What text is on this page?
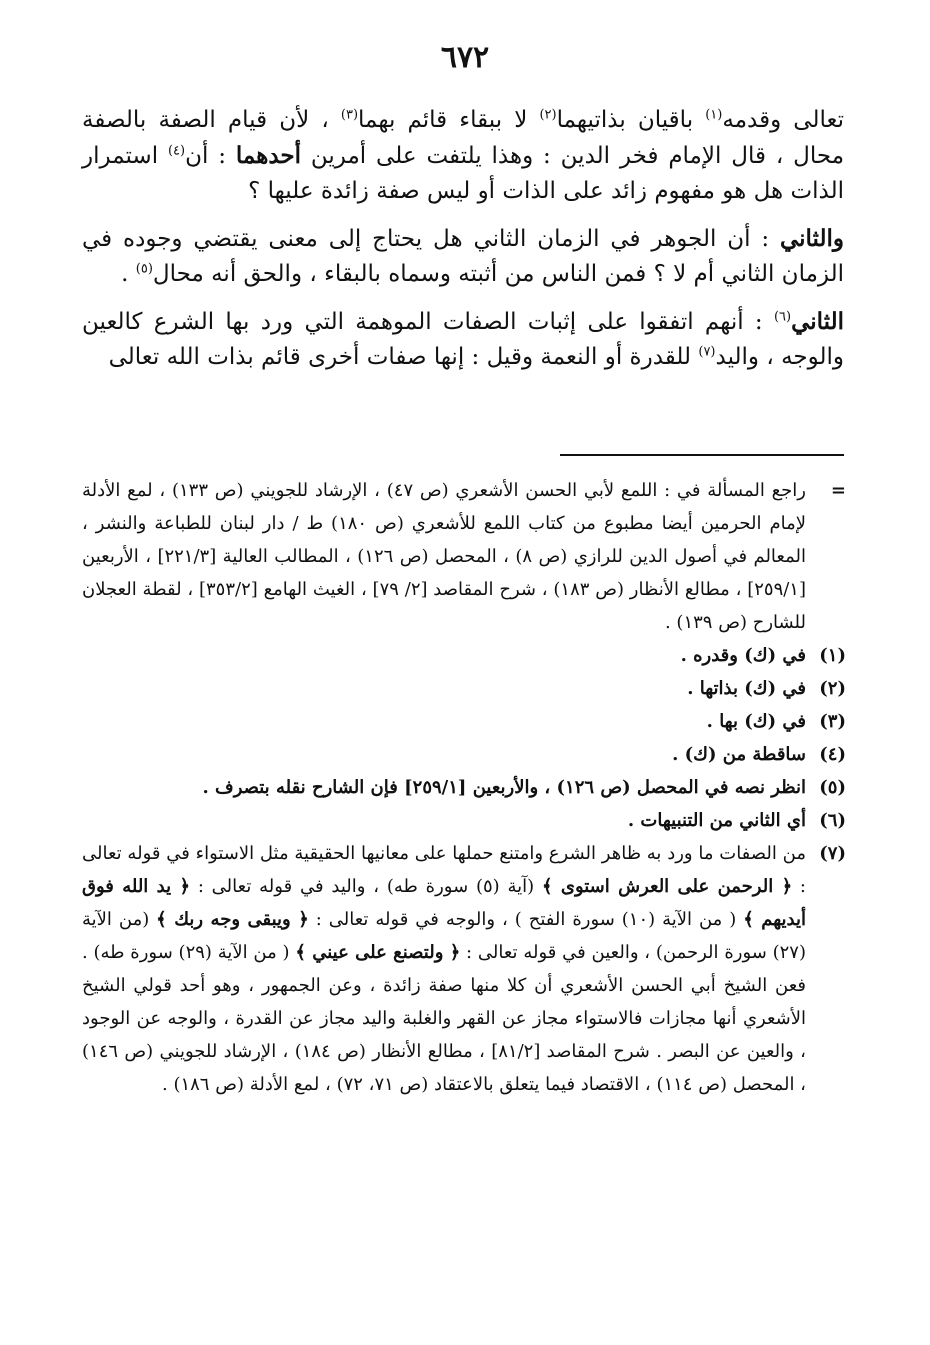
٦٧٢

تعالى وقدمه$^{(١)}$ باقيان بذاتيهما$^{(٢)}$ لا ببقاء قائم بهما$^{(٣)}$ ، لأن قيام الصفة بالصفة محال ، قال الإمام فخر الدين : وهذا يلتفت على أمرين أحدهما : أن$^{(٤)}$ استمرار الذات هل هو مفهوم زائد على الذات أو ليس صفة زائدة عليها ؟

والثاني : أن الجوهر في الزمان الثاني هل يحتاج إلى معنى يقتضي وجوده في الزمان الثاني أم لا ؟ فمن الناس من أثبته وسماه بالبقاء ، والحق أنه محال$^{(٥)}$ .

الثاني$^{(٦)}$ : أنهم اتفقوا على إثبات الصفات الموهمة التي ورد بها الشرع كالعين والوجه ، واليد$^{(٧)}$ للقدرة أو النعمة وقيل : إنها صفات أخرى قائم بذات الله تعالى

=
راجع المسألة في : اللمع لأبي الحسن الأشعري (ص ٤٧) ، الإرشاد للجويني (ص ١٣٣) ، لمع الأدلة لإمام الحرمين أيضا مطبوع من كتاب اللمع للأشعري (ص ١٨٠) ط / دار لبنان للطباعة والنشر ، المعالم في أصول الدين للرازي (ص ٨) ، المحصل (ص ١٢٦) ، المطالب العالية [٢٢١/٣] ، الأربعين [٢٥٩/١] ، مطالع الأنظار (ص ١٨٣) ، شرح المقاصد [٢/ ٧٩] ، الغيث الهامع [٣٥٣/٢] ، لقطة العجلان للشارح (ص ١٣٩) .
(١)
في (ك) وقدره .
(٢)
في (ك) بذاتها .
(٣)
في (ك) بها .
(٤)
ساقطة من (ك) .
(٥)
انظر نصه في المحصل (ص ١٢٦) ، والأربعين [٢٥٩/١] فإن الشارح نقله بتصرف .
(٦)
أي الثاني من التنبيهات .
(٧)
من الصفات ما ورد به ظاهر الشرع وامتنع حملها على معانيها الحقيقية مثل الاستواء في قوله تعالى : ﴿ الرحمن على العرش استوى ﴾ (آية (٥) سورة طه) ، واليد في قوله تعالى : ﴿ يد الله فوق أيديهم ﴾ ( من الآية (١٠) سورة الفتح ) ، والوجه في قوله تعالى : ﴿ ويبقى وجه ربك ﴾ (من الآية (٢٧) سورة الرحمن) ، والعين في قوله تعالى : ﴿ ولتصنع على عيني ﴾ ( من الآية (٢٩) سورة طه) . فعن الشيخ أبي الحسن الأشعري أن كلا منها صفة زائدة ، وعن الجمهور ، وهو أحد قولي الشيخ الأشعري أنها مجازات فالاستواء مجاز عن القهر والغلبة واليد مجاز عن القدرة ، والوجه عن الوجود ، والعين عن البصر . شرح المقاصد [٨١/٢] ، مطالع الأنظار (ص ١٨٤) ، الإرشاد للجويني (ص ١٤٦) ، المحصل (ص ١١٤) ، الاقتصاد فيما يتعلق بالاعتقاد (ص ٧١، ٧٢) ، لمع الأدلة (ص ١٨٦) .
